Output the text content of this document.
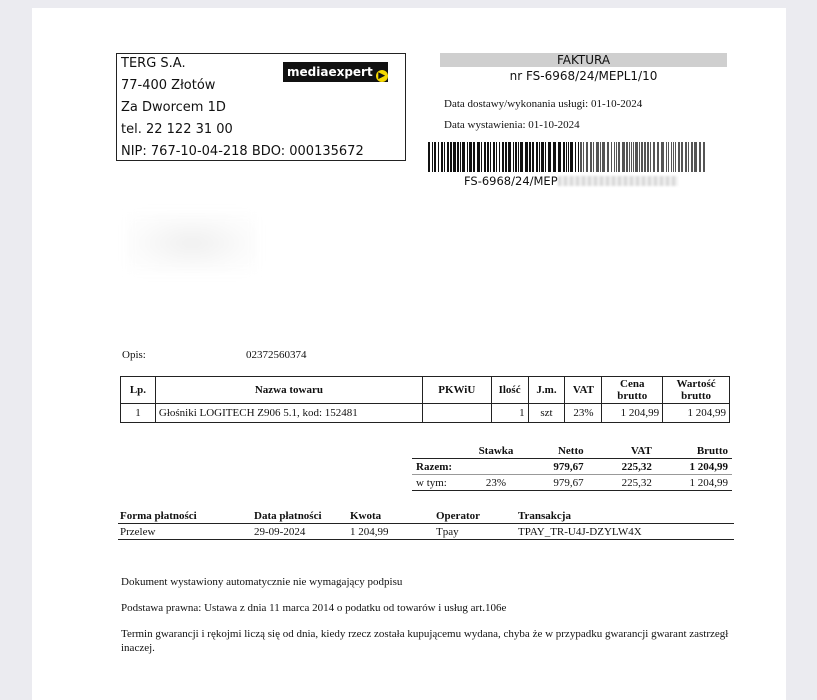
TERG S.A.
77-400 Złotów
Za Dworcem 1D
tel. 22 122 31 00
NIP: 767-10-04-218 BDO: 000135672
mediaexpert ▶
FAKTURA
nr FS-6968/24/MEPL1/10
Data dostawy/wykonania usługi: 01-10-2024
Data wystawienia: 01-10-2024
FS-6968/24/MEP
Opis:	02372560374
Lp.	Nazwa towaru	PKWiU	Ilość	J.m.	VAT	Cena brutto	Wartość brutto
1	Głośniki LOGITECH Z906 5.1, kod: 152481		1	szt	23%	1 204,99	1 204,99
	Stawka	Netto	VAT	Brutto
Razem:		979,67	225,32	1 204,99
w tym:	23%	979,67	225,32	1 204,99
Forma płatności	Data płatności	Kwota	Operator	Transakcja
Przelew	29-09-2024	1 204,99	Tpay	TPAY_TR-U4J-DZYLW4X
Dokument wystawiony automatycznie nie wymagający podpisu
Podstawa prawna: Ustawa z dnia 11 marca 2014 o podatku od towarów i usług art.106e
Termin gwarancji i rękojmi liczą się od dnia, kiedy rzecz została kupującemu wydana, chyba że w przypadku gwarancji gwarant zastrzegł inaczej.
